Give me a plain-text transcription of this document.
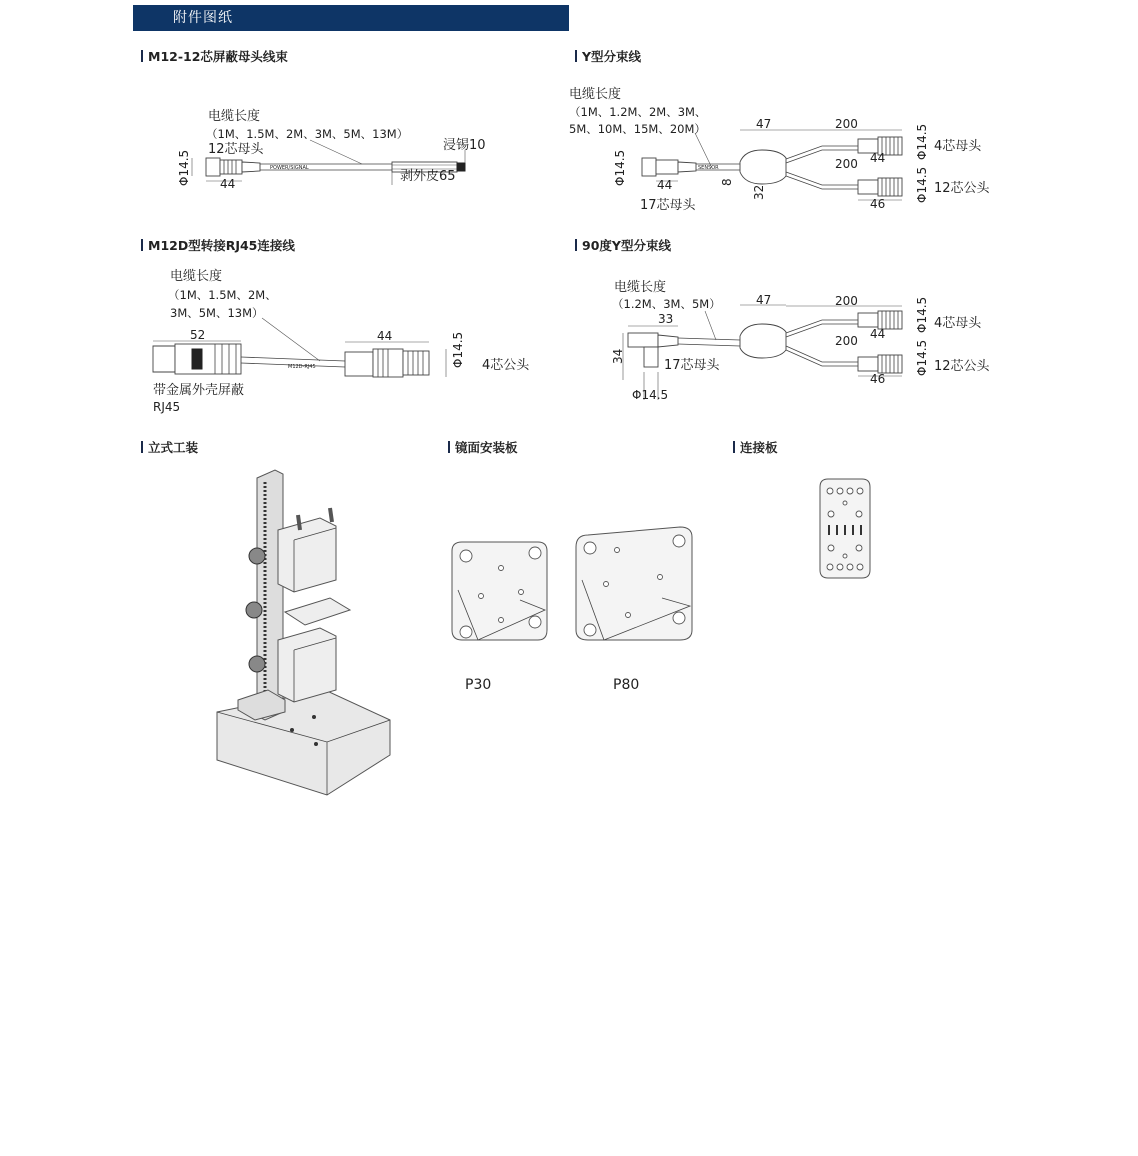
附件图纸
M12-12芯屏蔽母头线束	Y型分束线
M12D型转接RJ45连接线	90度Y型分束线
立式工装	镜面安装板	连接板
电缆长度
（1M、1.5M、2M、3M、5M、13M）
12芯母头	浸锡10
POWER/SIGNAL
Φ14.5 44	剥外皮65
电缆长度
（1M、1.2M、2M、3M、
5M、10M、15M、20M）
SENSOR
47	200
200 44
44
46
8
32
Φ14.5
Φ14.5
Φ14.5
4芯母头
12芯公头
17芯母头
电缆长度
（1M、1.5M、2M、
3M、5M、13M）
M12D-RJ45
52	44	Φ14.5 4芯公头
带金属外壳屏蔽
RJ45
电缆长度
（1.2M、3M、5M）	47	200
200 44
46
33
34
Φ14.5
Φ14.5
Φ14.5
4芯母头
12芯公头
17芯母头
P30	P80
